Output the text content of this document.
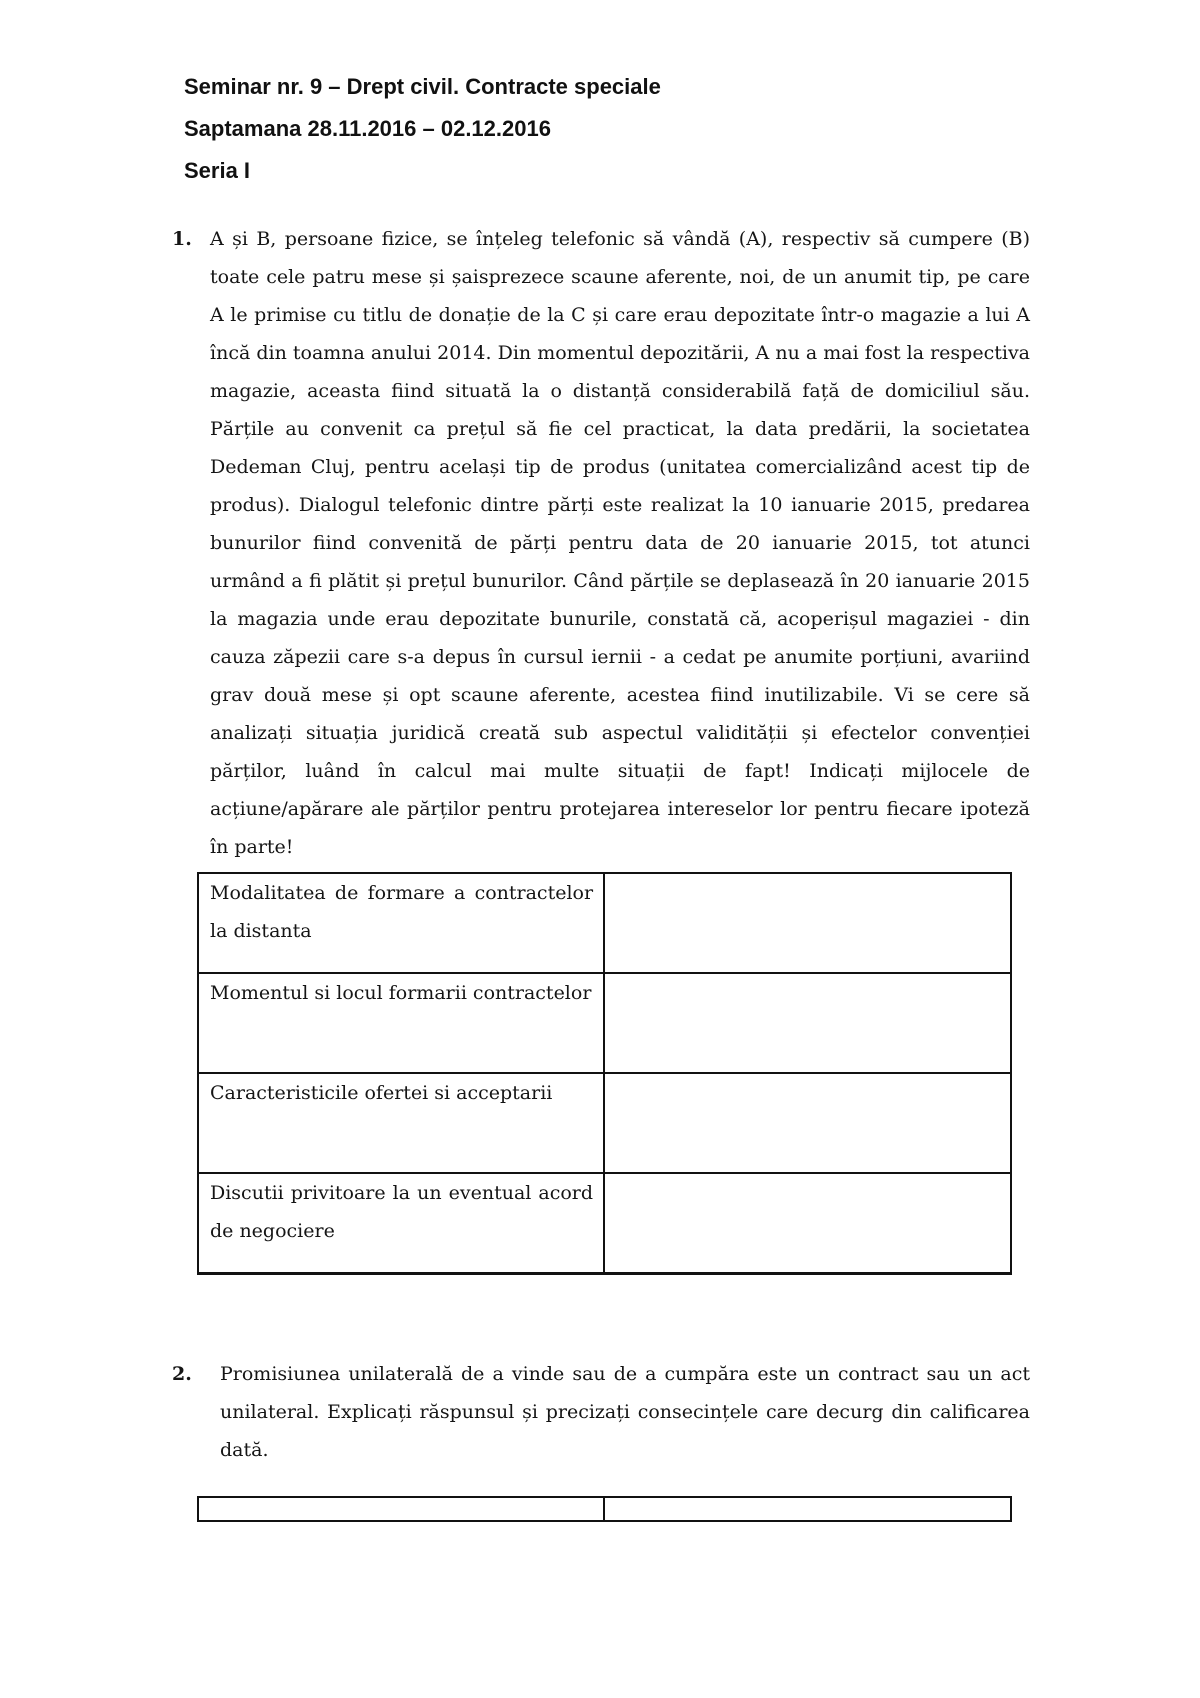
Seminar nr. 9 – Drept civil. Contracte speciale
Saptamana 28.11.2016 – 02.12.2016
Seria I
1. A și B, persoane fizice, se înțeleg telefonic să vândă (A), respectiv să cumpere (B) toate cele patru mese și șaisprezece scaune aferente, noi, de un anumit tip, pe care A le primise cu titlu de donație de la C și care erau depozitate într-o magazie a lui A încă din toamna anului 2014. Din momentul depozitării, A nu a mai fost la respectiva magazie, aceasta fiind situată la o distanță considerabilă față de domiciliul său. Părțile au convenit ca prețul să fie cel practicat, la data predării, la societatea Dedeman Cluj, pentru același tip de produs (unitatea comercializând acest tip de produs). Dialogul telefonic dintre părți este realizat la 10 ianuarie 2015, predarea bunurilor fiind convenită de părți pentru data de 20 ianuarie 2015, tot atunci urmând a fi plătit și prețul bunurilor. Când părțile se deplasează în 20 ianuarie 2015 la magazia unde erau depozitate bunurile, constată că, acoperișul magaziei - din cauza zăpezii care s-a depus în cursul iernii - a cedat pe anumite porțiuni, avariind grav două mese și opt scaune aferente, acestea fiind inutilizabile. Vi se cere să analizați situația juridică creată sub aspectul validității și efectelor convenției părților, luând în calcul mai multe situații de fapt! Indicați mijlocele de acțiune/apărare ale părților pentru protejarea intereselor lor pentru fiecare ipoteză în parte!
Modalitatea de formare a contractelor la distanta	
Momentul si locul formarii contractelor	
Caracteristicile ofertei si acceptarii	
Discutii privitoare la un eventual acord de negociere	
2. Promisiunea unilaterală de a vinde sau de a cumpăra este un contract sau un act unilateral. Explicați răspunsul și precizați consecințele care decurg din calificarea dată.
